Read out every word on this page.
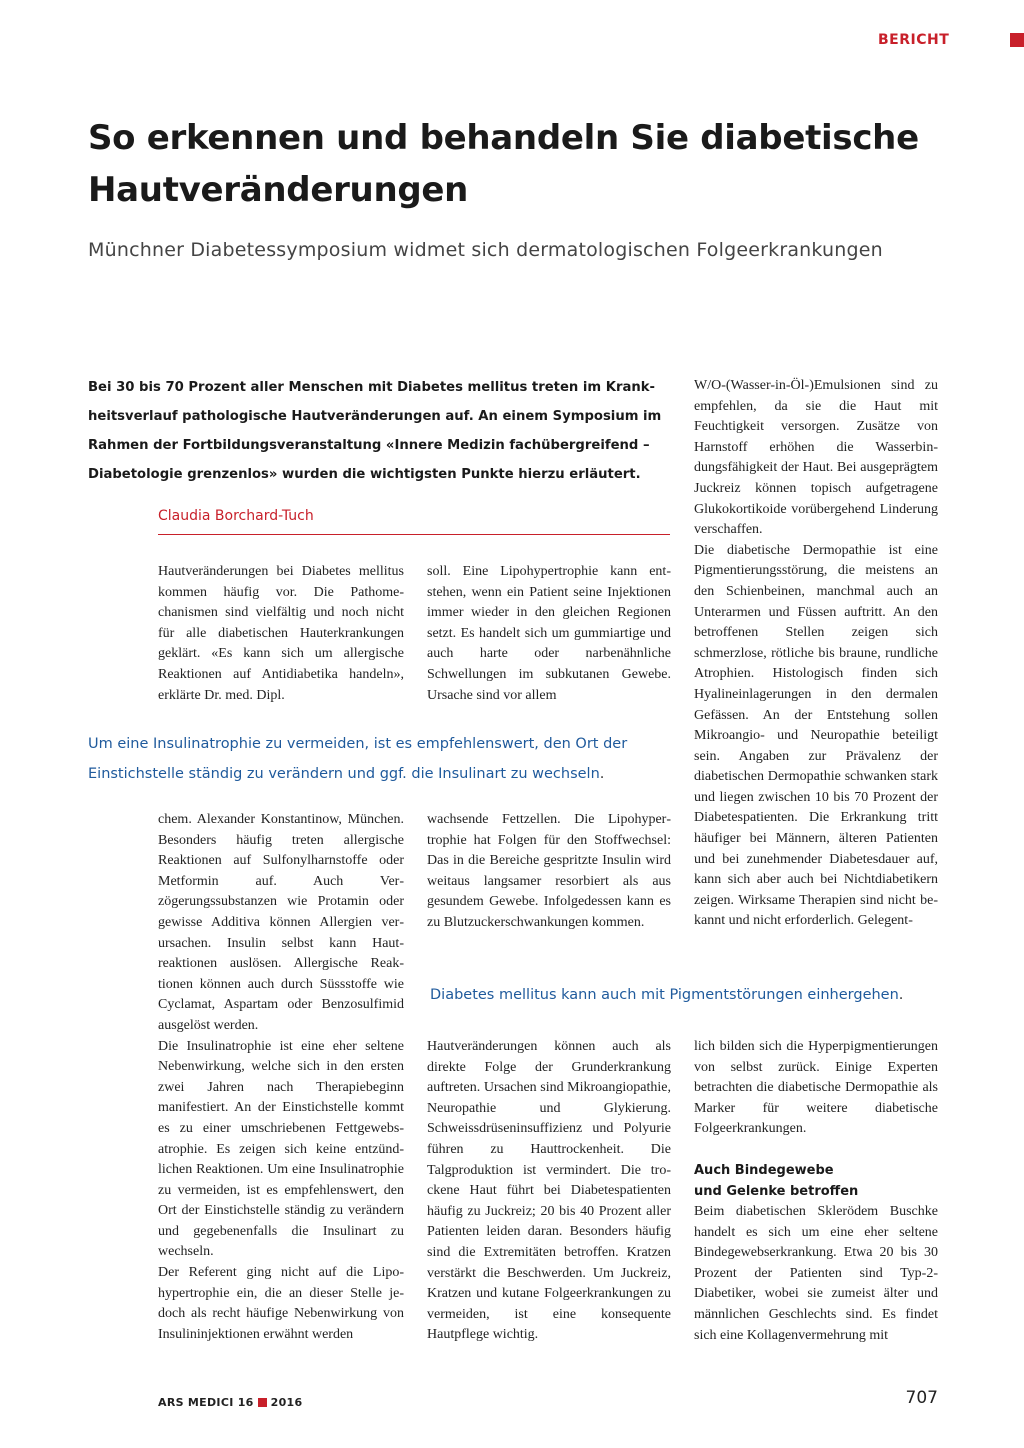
BERICHT
So erkennen und behandeln Sie diabetische Hautveränderungen
Münchner Diabetessymposium widmet sich dermatologischen Folgeerkrankungen

Bei 30 bis 70 Prozent aller Menschen mit Diabetes mellitus treten im Krankheitsverlauf pathologische Hautveränderungen auf. An einem Symposium im Rahmen der Fortbildungsveranstaltung «Innere Medizin fachübergreifend – Diabetologie grenzenlos» wurden die wichtigsten Punkte hierzu erläutert.

Claudia Borchard-Tuch

Hautveränderungen bei Diabetes mellitus kommen häufig vor. Die Pathomechanismen sind vielfältig und noch nicht für alle diabetischen Hauterkrankungen geklärt. «Es kann sich um allergische Reaktionen auf Antidiabetika handeln», erklärte Dr. med. Dipl.

soll. Eine Lipohypertrophie kann entstehen, wenn ein Patient seine Injektionen immer wieder in den gleichen Regionen setzt. Es handelt sich um gummiartige und auch harte oder narbenähnliche Schwellungen im subkutanen Gewebe. Ursache sind vor allem

W/O-(Wasser-in-Öl-)Emulsionen sind zu empfehlen, da sie die Haut mit Feuchtigkeit versorgen. Zusätze von Harnstoff erhöhen die Wasserbindungsfähigkeit der Haut. Bei ausgeprägtem Juckreiz können topisch aufgetragene Glukokortikoide vorübergehend Linderung verschaffen.

Die diabetische Dermopathie ist eine Pigmentierungsstörung, die meistens an den Schienbeinen, manchmal auch an Unterarmen und Füssen auftritt. An den betroffenen Stellen zeigen sich schmerzlose, rötliche bis braune, rundliche Atrophien. Histologisch finden sich Hyalineinlagerungen in den dermalen Gefässen. An der Entstehung sollen Mikroangio- und Neuropathie beteiligt sein. Angaben zur Prävalenz der diabetischen Dermopathie schwanken stark und liegen zwischen 10 bis 70 Prozent der Diabetespatienten. Die Erkrankung tritt häufiger bei Männern, älteren Patienten und bei zunehmender Diabetesdauer auf, kann sich aber auch bei Nichtdiabetikern zeigen. Wirksame Therapien sind nicht bekannt und nicht erforderlich. Gelegent-

Um eine Insulinatrophie zu vermeiden, ist es empfehlenswert, den Ort der Einstichstelle ständig zu verändern und ggf. die Insulinart zu wechseln.

chem. Alexander Konstantinow, München. Besonders häufig treten allergische Reaktionen auf Sulfonylharnstoffe oder Metformin auf. Auch Verzögerungssubstanzen wie Protamin oder gewisse Additiva können Allergien verursachen. Insulin selbst kann Hautreaktionen auslösen. Allergische Reaktionen können auch durch Süssstoffe wie Cyclamat, Aspartam oder Benzosulfimid ausgelöst werden.

Die Insulinatrophie ist eine eher seltene Nebenwirkung, welche sich in den ersten zwei Jahren nach Therapiebeginn manifestiert. An der Einstichstelle kommt es zu einer umschriebenen Fettgewebsatrophie. Es zeigen sich keine entzündlichen Reaktionen. Um eine Insulinatrophie zu vermeiden, ist es empfehlenswert, den Ort der Einstichstelle ständig zu verändern und gegebenenfalls die Insulinart zu wechseln.

Der Referent ging nicht auf die Lipohypertrophie ein, die an dieser Stelle jedoch als recht häufige Nebenwirkung von Insulininjektionen erwähnt werden

wachsende Fettzellen. Die Lipohypertrophie hat Folgen für den Stoffwechsel: Das in die Bereiche gespritzte Insulin wird weitaus langsamer resorbiert als aus gesundem Gewebe. Infolgedessen kann es zu Blutzuckerschwankungen kommen.

Diabetes mellitus kann auch mit Pigmentstörungen einhergehen.

Hautveränderungen können auch als direkte Folge der Grunderkrankung auftreten. Ursachen sind Mikroangiopathie, Neuropathie und Glykierung. Schweissdrüseninsuffizienz und Polyurie führen zu Hauttrockenheit. Die Talgproduktion ist vermindert. Die trockene Haut führt bei Diabetespatienten häufig zu Juckreiz; 20 bis 40 Prozent aller Patienten leiden daran. Besonders häufig sind die Extremitäten betroffen. Kratzen verstärkt die Beschwerden. Um Juckreiz, Kratzen und kutane Folgeerkrankungen zu vermeiden, ist eine konsequente Hautpflege wichtig.

lich bilden sich die Hyperpigmentierungen von selbst zurück. Einige Experten betrachten die diabetische Dermopathie als Marker für weitere diabetische Folgeerkrankungen.

Auch Bindegewebe und Gelenke betroffen

Beim diabetischen Sklerödem Buschke handelt es sich um eine eher seltene Bindegewebserkrankung. Etwa 20 bis 30 Prozent der Patienten sind Typ-2-Diabetiker, wobei sie zumeist älter und männlichen Geschlechts sind. Es findet sich eine Kollagenvermehrung mit

ARS MEDICI 16 2016	707
